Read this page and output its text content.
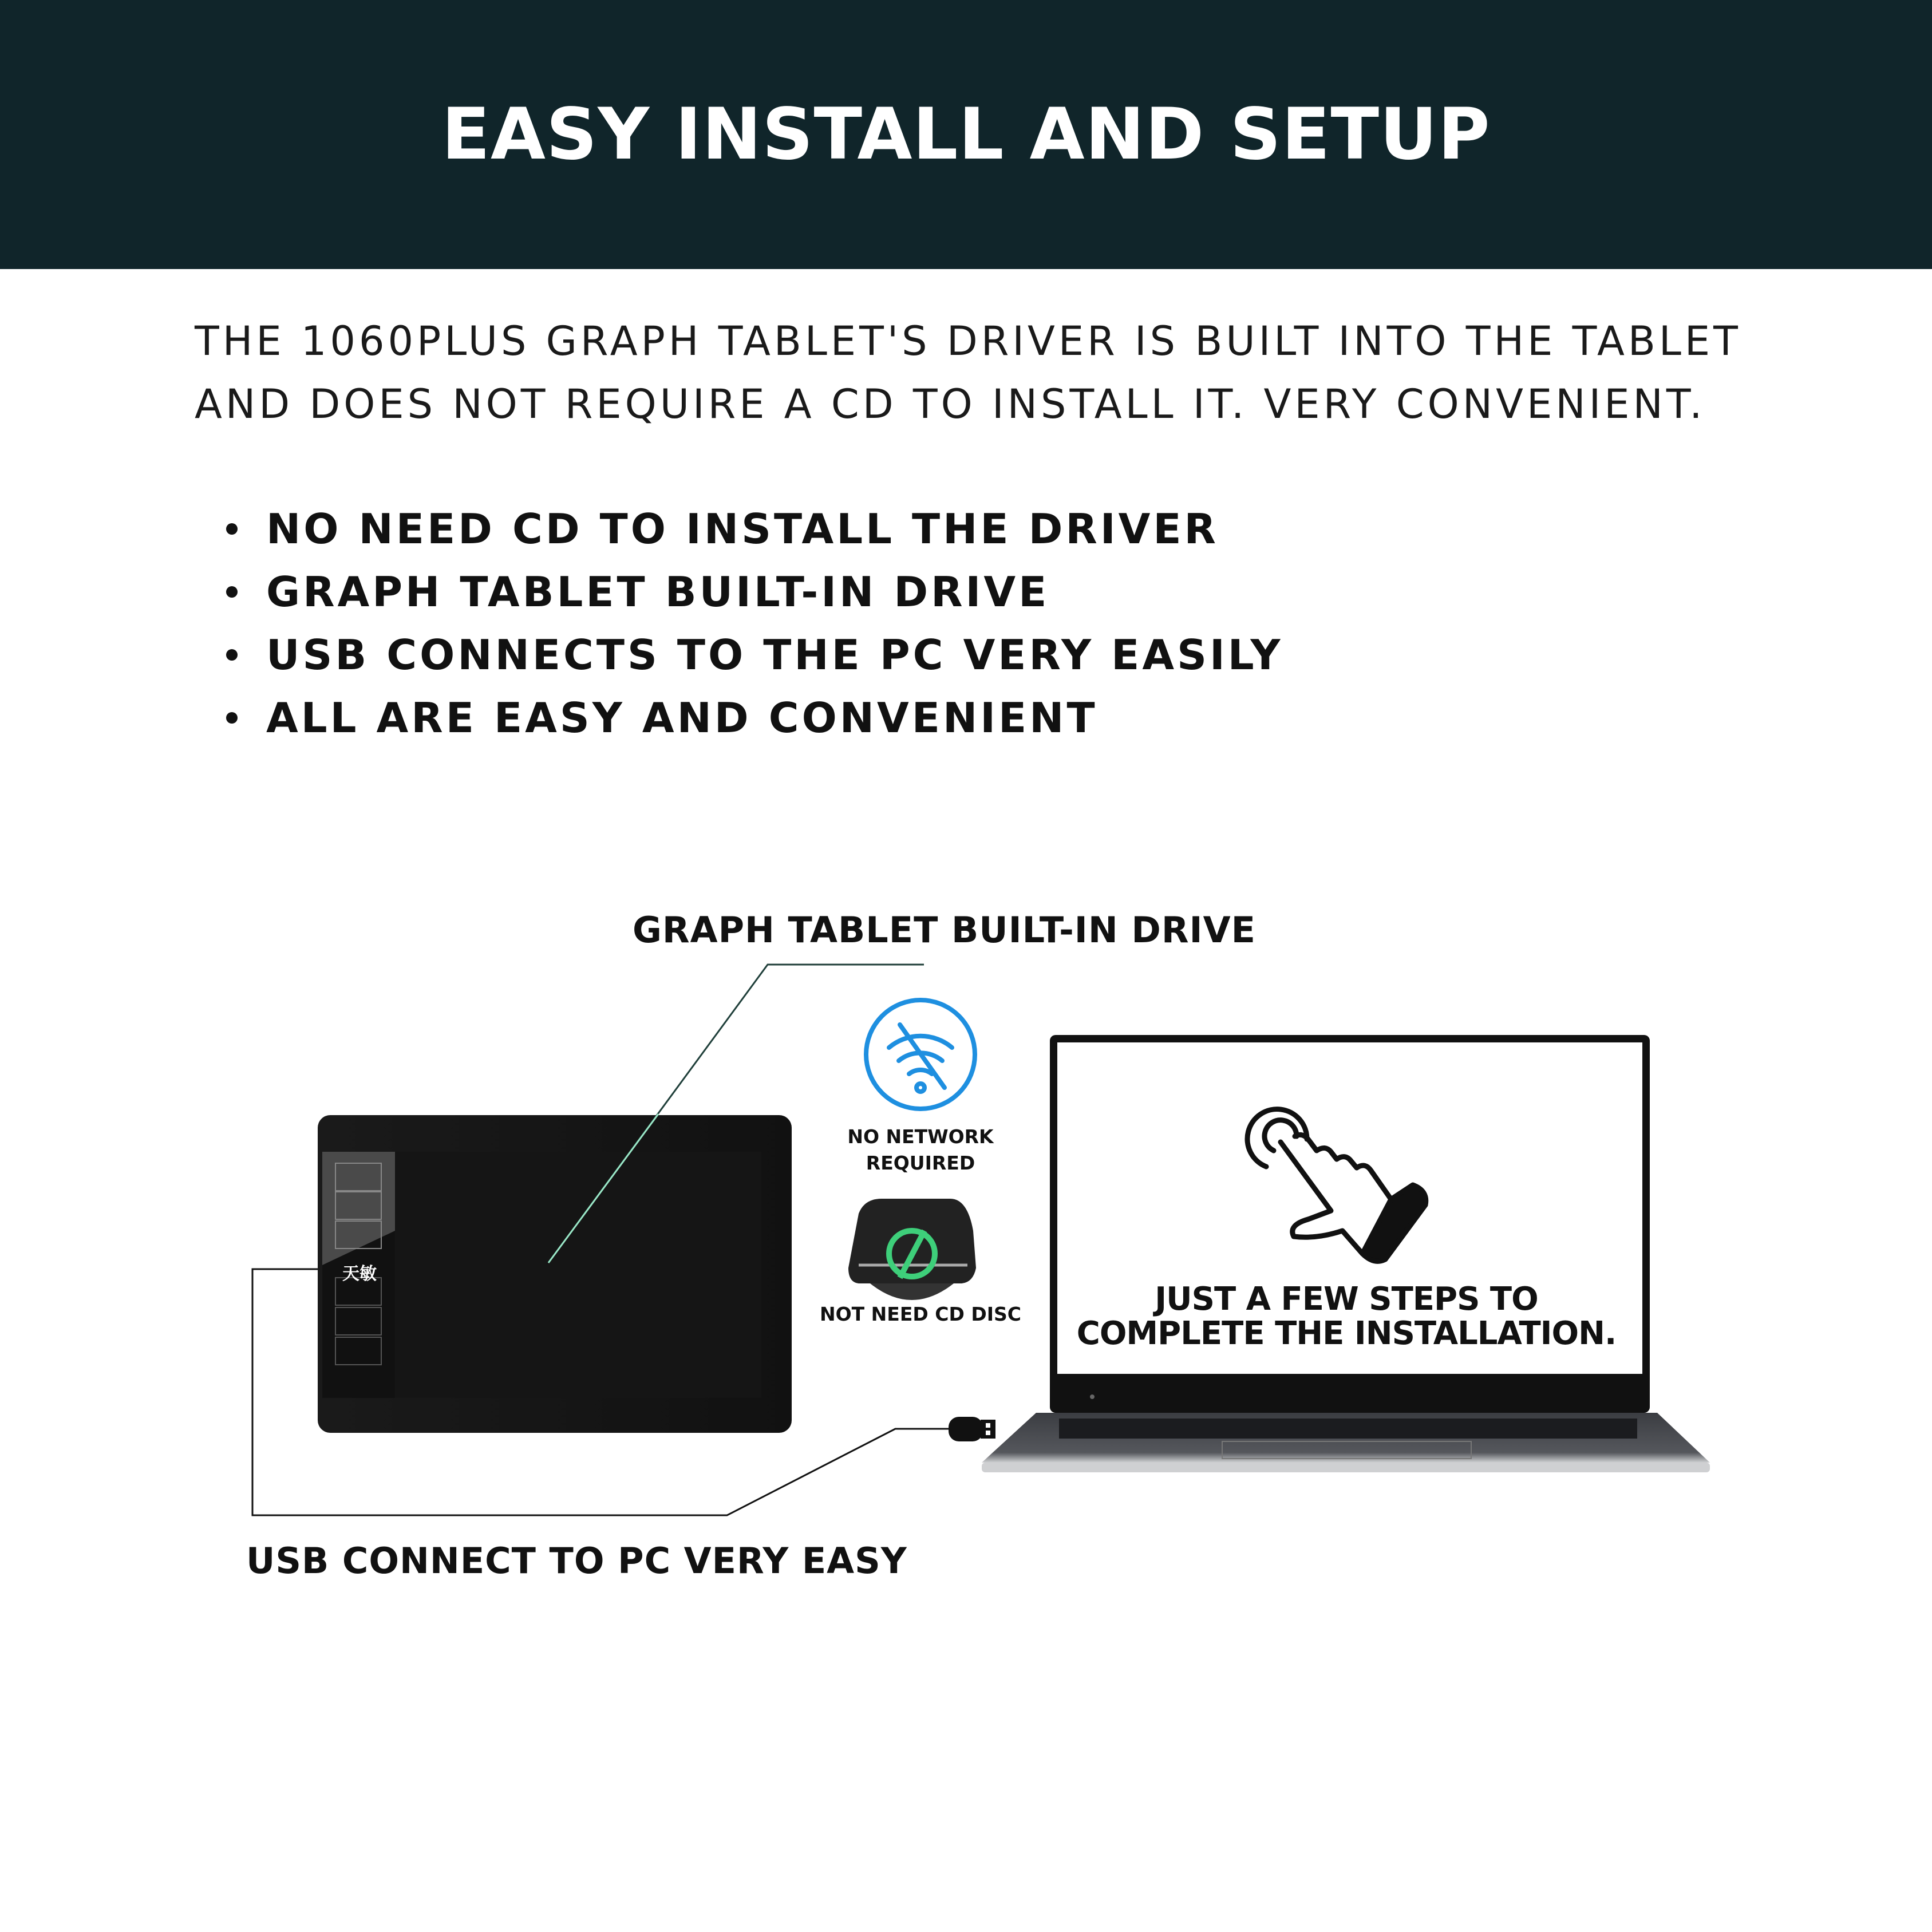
EASY INSTALL AND SETUP
THE 1060PLUS GRAPH TABLET'S DRIVER IS BUILT INTO THE TABLET
AND DOES NOT REQUIRE A CD TO INSTALL IT. VERY CONVENIENT.
NO NEED CD TO INSTALL THE DRIVER
GRAPH TABLET BUILT-IN DRIVE
USB CONNECTS TO THE PC VERY EASILY
ALL ARE EASY AND CONVENIENT
GRAPH TABLET BUILT-IN DRIVE
USB CONNECT TO PC VERY EASY
天敏
NO NETWORK
REQUIRED
NOT NEED CD DISC	JUST A FEW STEPS TO
COMPLETE THE INSTALLATION.
